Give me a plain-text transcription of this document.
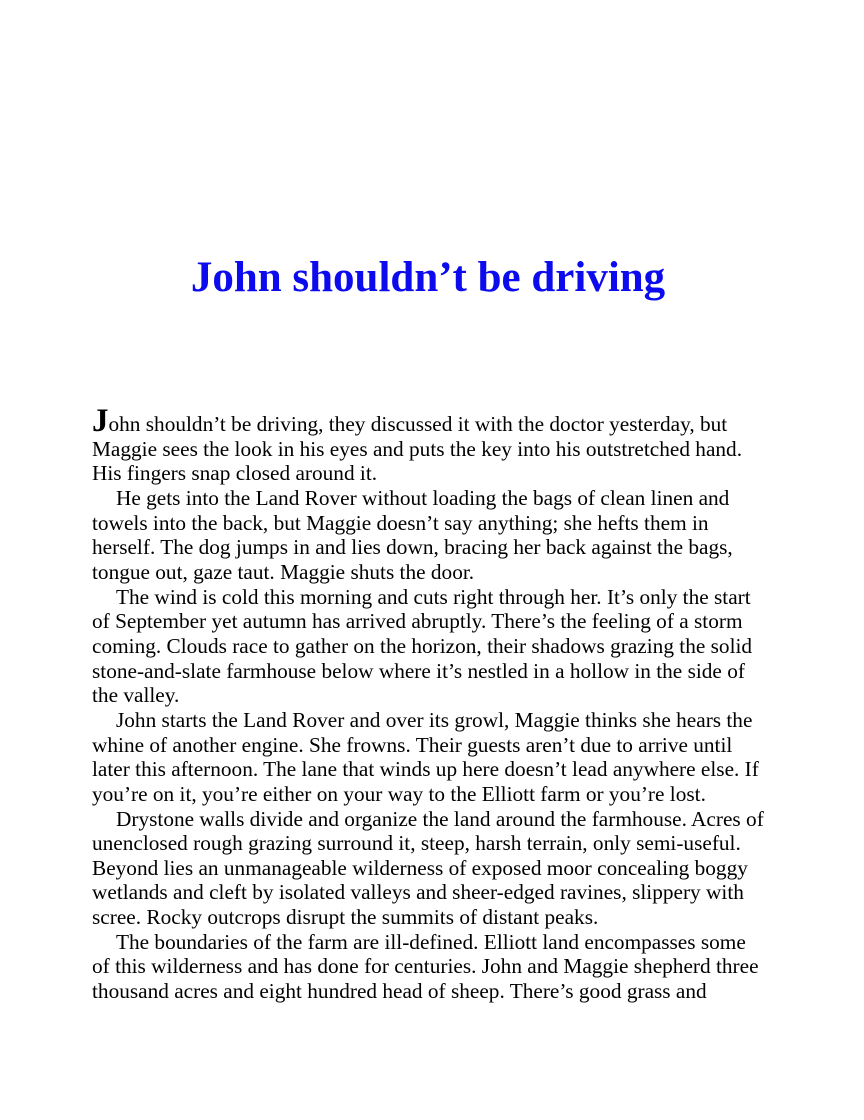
John shouldn’t be driving

John shouldn’t be driving, they discussed it with the doctor yesterday, but Maggie sees the look in his eyes and puts the key into his outstretched hand. His fingers snap closed around it.

He gets into the Land Rover without loading the bags of clean linen and towels into the back, but Maggie doesn’t say anything; she hefts them in herself. The dog jumps in and lies down, bracing her back against the bags, tongue out, gaze taut. Maggie shuts the door.

The wind is cold this morning and cuts right through her. It’s only the start of September yet autumn has arrived abruptly. There’s the feeling of a storm coming. Clouds race to gather on the horizon, their shadows grazing the solid stone-and-slate farmhouse below where it’s nestled in a hollow in the side of the valley.

John starts the Land Rover and over its growl, Maggie thinks she hears the whine of another engine. She frowns. Their guests aren’t due to arrive until later this afternoon. The lane that winds up here doesn’t lead anywhere else. If you’re on it, you’re either on your way to the Elliott farm or you’re lost.

Drystone walls divide and organize the land around the farmhouse. Acres of unenclosed rough grazing surround it, steep, harsh terrain, only semi-useful. Beyond lies an unmanageable wilderness of exposed moor concealing boggy wetlands and cleft by isolated valleys and sheer-edged ravines, slippery with scree. Rocky outcrops disrupt the summits of distant peaks.

The boundaries of the farm are ill-defined. Elliott land encompasses some of this wilderness and has done for centuries. John and Maggie shepherd three thousand acres and eight hundred head of sheep. There’s good grass and
